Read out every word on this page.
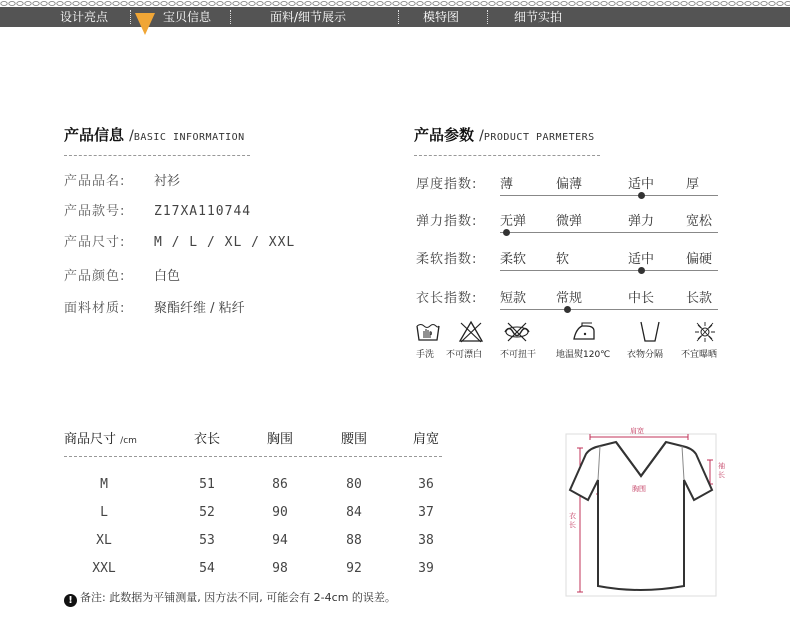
设计亮点	宝贝信息	面料/细节展示	模特图	细节实拍
产品信息 /BASIC INFORMATION
产品品名: 衬衫
产品款号: Z17XA110744
产品尺寸: M / L / XL / XXL
产品颜色: 白色
面料材质: 聚酯纤维 / 粘纤
产品参数 /PRODUCT PARMETERS
厚度指数: 薄	偏薄	适中 厚
弹力指数: 无弹 微弹	弹力 宽松
柔软指数: 柔软 软	适中 偏硬
衣长指数: 短款 常规	中长 长款
手洗 不可漂白 不可扭干 地温熨120℃ 衣物分隔 不宜曝晒
商品尺寸 /cm	衣长	胸围	腰围	肩宽
M	51	86	80	36
L	52	90	84	37
XL	53	94	88	38
XXL	54	98	92	39
! 备注: 此数据为平铺测量, 因方法不同, 可能会有 2-4cm 的误差。
肩宽
胸围
袖长
衣长
